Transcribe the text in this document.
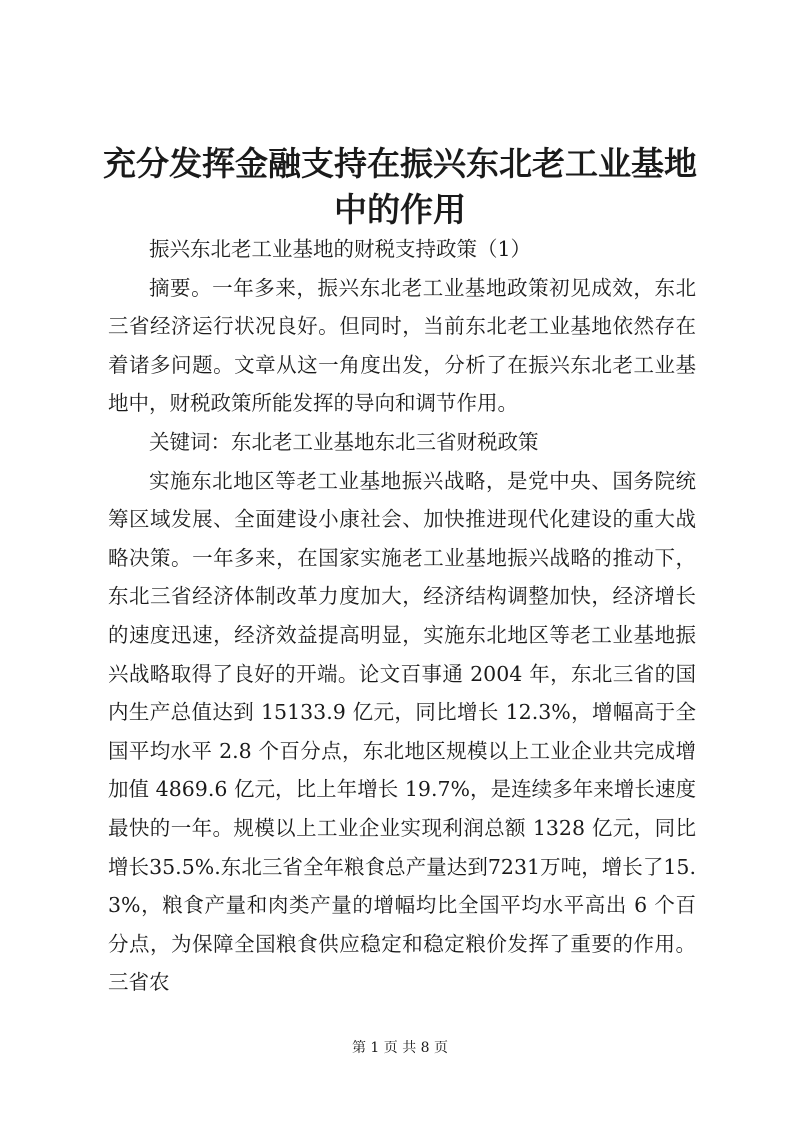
充分发挥金融支持在振兴东北老工业基地中的作用

振兴东北老工业基地的财税支持政策（1）

摘要。一年多来，振兴东北老工业基地政策初见成效，东北三省经济运行状况良好。但同时，当前东北老工业基地依然存在着诸多问题。文章从这一角度出发，分析了在振兴东北老工业基地中，财税政策所能发挥的导向和调节作用。

关键词：东北老工业基地东北三省财税政策

实施东北地区等老工业基地振兴战略，是党中央、国务院统筹区域发展、全面建设小康社会、加快推进现代化建设的重大战略决策。一年多来，在国家实施老工业基地振兴战略的推动下，东北三省经济体制改革力度加大，经济结构调整加快，经济增长的速度迅速，经济效益提高明显，实施东北地区等老工业基地振兴战略取得了良好的开端。论文百事通 2004 年，东北三省的国内生产总值达到 15133.9 亿元，同比增长 12.3%，增幅高于全国平均水平 2.8 个百分点，东北地区规模以上工业企业共完成增加值 4869.6 亿元，比上年增长 19.7%，是连续多年来增长速度最快的一年。规模以上工业企业实现利润总额 1328 亿元，同比增长35.5%.东北三省全年粮食总产量达到7231万吨，增长了15.3%，粮食产量和肉类产量的增幅均比全国平均水平高出 6 个百分点，为保障全国粮食供应稳定和稳定粮价发挥了重要的作用。三省农

第 1 页 共 8 页
